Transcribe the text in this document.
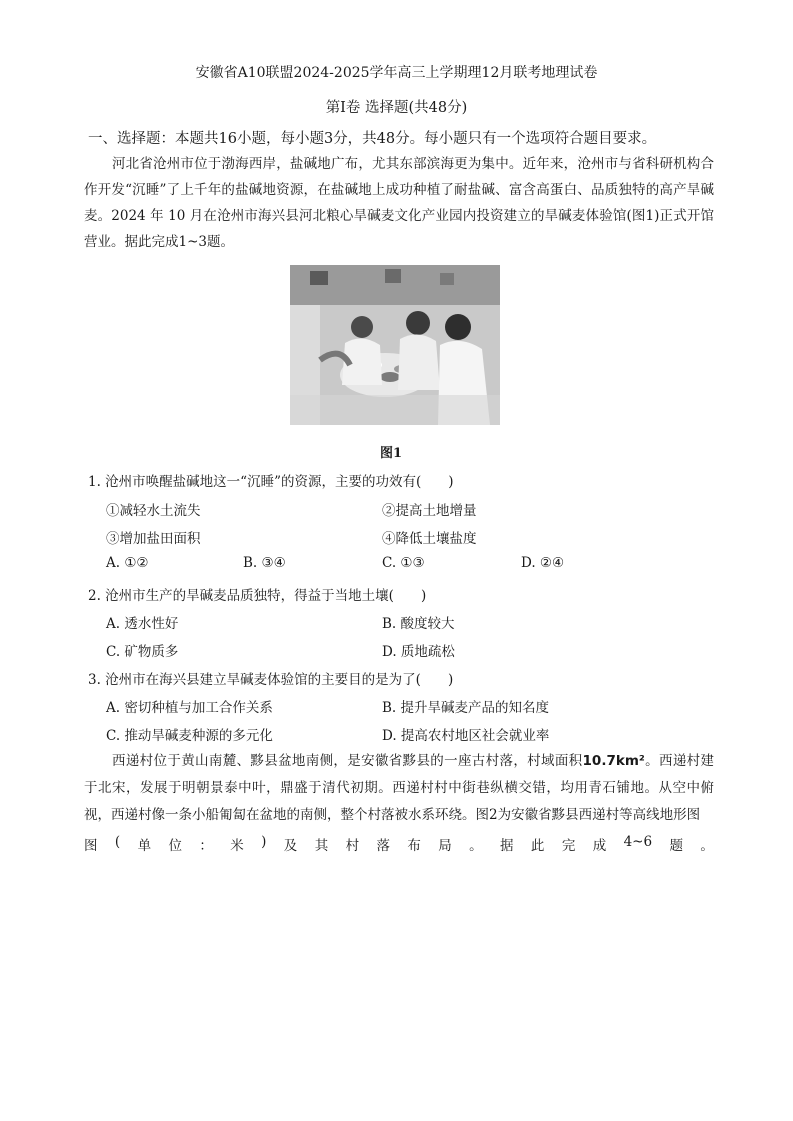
安徽省A10联盟2024-2025学年高三上学期理12月联考地理试卷
第Ⅰ卷 选择题(共48分)
一、选择题：本题共16小题，每小题3分，共48分。每小题只有一个选项符合题目要求。

河北省沧州市位于渤海西岸，盐碱地广布，尤其东部滨海更为集中。近年来，沧州市与省科研机构合作开发“沉睡”了上千年的盐碱地资源，在盐碱地上成功种植了耐盐碱、富含高蛋白、品质独特的高产旱碱麦。2024 年 10 月在沧州市海兴县河北粮心旱碱麦文化产业园内投资建立的旱碱麦体验馆(图1)正式开馆营业。据此完成1~3题。

图1
1. 沧州市唤醒盐碱地这一“沉睡”的资源，主要的功效有(　　)
①减轻水土流失	②提高土地增量
③增加盐田面积	④降低土壤盐度
A. ①②	B. ③④	C. ①③	D. ②④
2. 沧州市生产的旱碱麦品质独特，得益于当地土壤(　　)
A. 透水性好	B. 酸度较大
C. 矿物质多	D. 质地疏松
3. 沧州市在海兴县建立旱碱麦体验馆的主要目的是为了(　　)
A. 密切种植与加工合作关系	B. 提升旱碱麦产品的知名度
C. 推动旱碱麦种源的多元化	D. 提高农村地区社会就业率

西递村位于黄山南麓、黟县盆地南侧，是安徽省黟县的一座古村落，村域面积10.7km²。西递村建于北宋，发展于明朝景泰中叶，鼎盛于清代初期。西递村村中街巷纵横交错，均用青石铺地。从空中俯视，西递村像一条小船匍匐在盆地的南侧，整个村落被水系环绕。图2为安徽省黟县西递村等高线地形图

图 ( 单 位 ： 米 ) 及 其 村 落 布 局 。 据 此 完 成 4~6 题 。
